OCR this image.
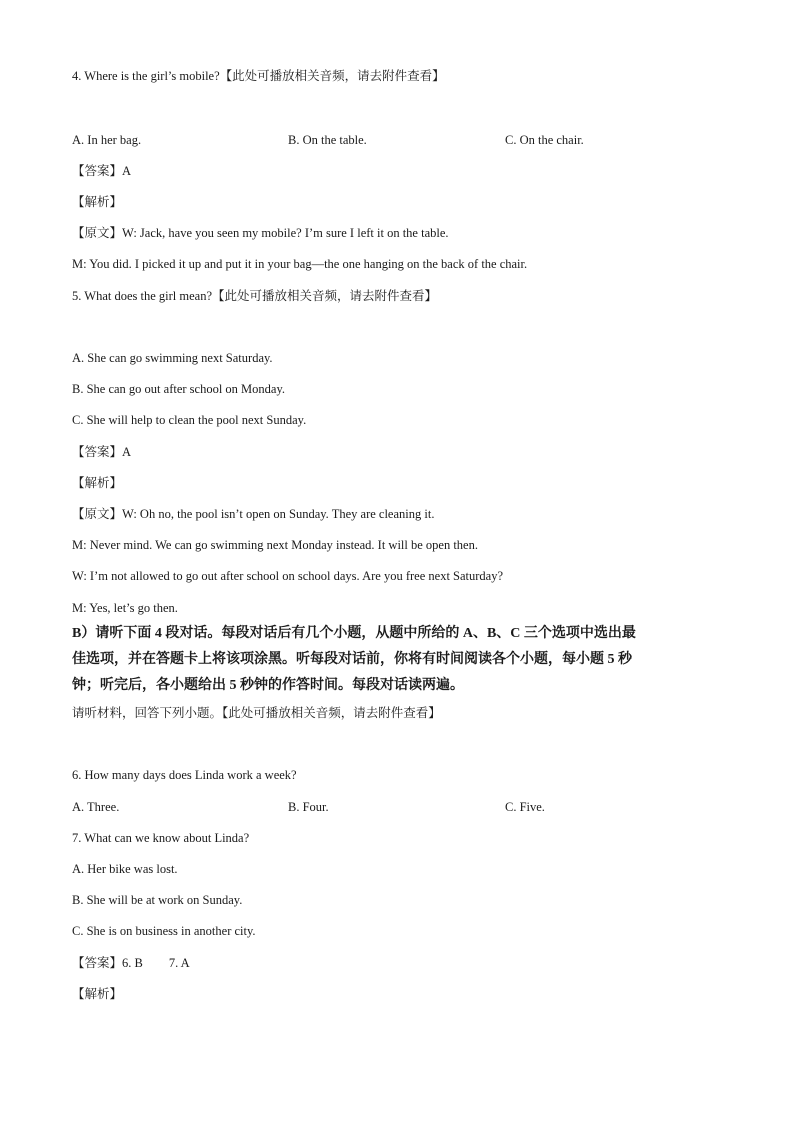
4. Where is the girl’s mobile?【此处可播放相关音频，请去附件查看】
A. In her bag.	B. On the table.	C. On the chair.
【答案】A
【解析】
【原文】W: Jack, have you seen my mobile? I’m sure I left it on the table.
M: You did. I picked it up and put it in your bag—the one hanging on the back of the chair.
5. What does the girl mean?【此处可播放相关音频，请去附件查看】
A. She can go swimming next Saturday.
B. She can go out after school on Monday.
C. She will help to clean the pool next Sunday.
【答案】A
【解析】
【原文】W: Oh no, the pool isn’t open on Sunday. They are cleaning it.
M: Never mind. We can go swimming next Monday instead. It will be open then.
W: I’m not allowed to go out after school on school days. Are you free next Saturday?
M: Yes, let’s go then.
B）请听下面 4 段对话。每段对话后有几个小题，从题中所给的 A、B、C 三个选项中选出最
佳选项，并在答题卡上将该项涂黑。听每段对话前，你将有时间阅读各个小题，每小题 5 秒
钟；听完后，各小题给出 5 秒钟的作答时间。每段对话读两遍。
请听材料，回答下列小题。【此处可播放相关音频，请去附件查看】
6. How many days does Linda work a week?
A. Three.	B. Four.	C. Five.
7. What can we know about Linda?
A. Her bike was lost.
B. She will be at work on Sunday.
C. She is on business in another city.
【答案】6. B 7. A
【解析】
